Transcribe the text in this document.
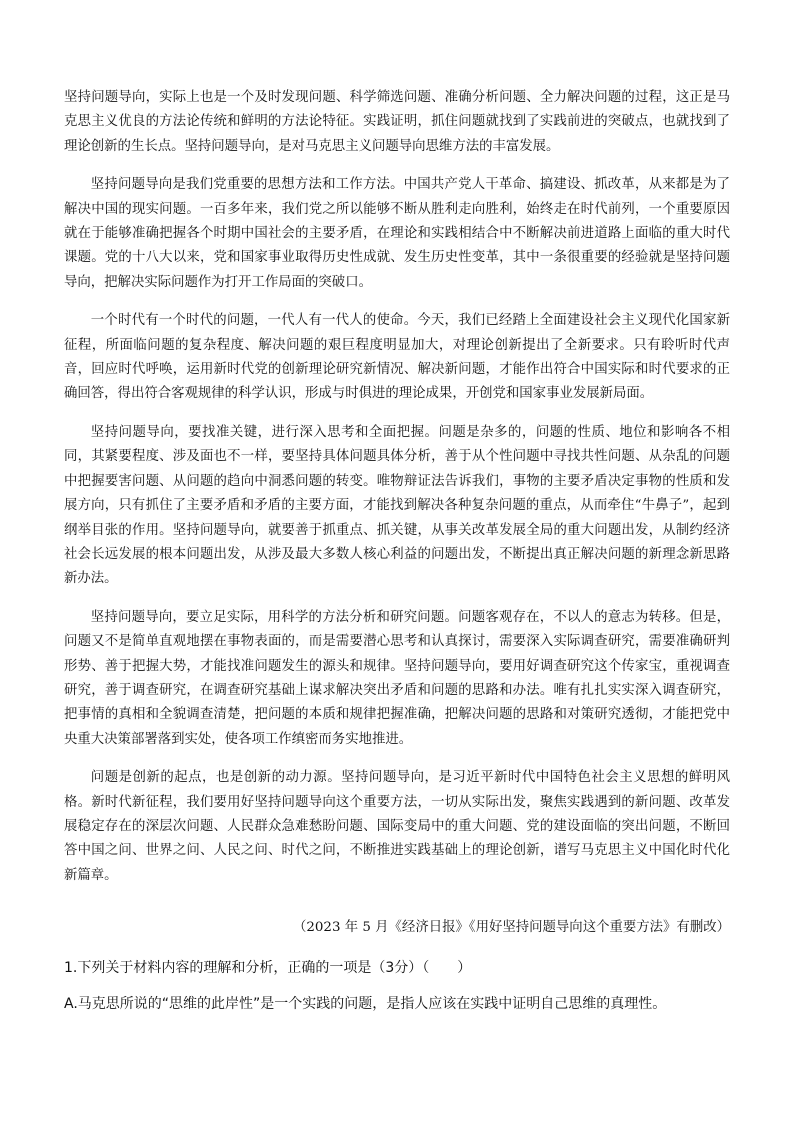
坚持问题导向，实际上也是一个及时发现问题、科学筛选问题、准确分析问题、全力解决问题的过程，这正是马克思主义优良的方法论传统和鲜明的方法论特征。实践证明，抓住问题就找到了实践前进的突破点，也就找到了理论创新的生长点。坚持问题导向，是对马克思主义问题导向思维方法的丰富发展。

坚持问题导向是我们党重要的思想方法和工作方法。中国共产党人干革命、搞建设、抓改革，从来都是为了解决中国的现实问题。一百多年来，我们党之所以能够不断从胜利走向胜利，始终走在时代前列，一个重要原因就在于能够准确把握各个时期中国社会的主要矛盾，在理论和实践相结合中不断解决前进道路上面临的重大时代课题。党的十八大以来，党和国家事业取得历史性成就、发生历史性变革，其中一条很重要的经验就是坚持问题导向，把解决实际问题作为打开工作局面的突破口。

一个时代有一个时代的问题，一代人有一代人的使命。今天，我们已经踏上全面建设社会主义现代化国家新征程，所面临问题的复杂程度、解决问题的艰巨程度明显加大，对理论创新提出了全新要求。只有聆听时代声音，回应时代呼唤，运用新时代党的创新理论研究新情况、解决新问题，才能作出符合中国实际和时代要求的正确回答，得出符合客观规律的科学认识，形成与时俱进的理论成果，开创党和国家事业发展新局面。

坚持问题导向，要找准关键，进行深入思考和全面把握。问题是杂多的，问题的性质、地位和影响各不相同，其紧要程度、涉及面也不一样，要坚持具体问题具体分析，善于从个性问题中寻找共性问题、从杂乱的问题中把握要害问题、从问题的趋向中洞悉问题的转变。唯物辩证法告诉我们，事物的主要矛盾决定事物的性质和发展方向，只有抓住了主要矛盾和矛盾的主要方面，才能找到解决各种复杂问题的重点，从而牵住“牛鼻子”，起到纲举目张的作用。坚持问题导向，就要善于抓重点、抓关键，从事关改革发展全局的重大问题出发，从制约经济社会长远发展的根本问题出发，从涉及最大多数人核心利益的问题出发，不断提出真正解决问题的新理念新思路新办法。

坚持问题导向，要立足实际，用科学的方法分析和研究问题。问题客观存在，不以人的意志为转移。但是，问题又不是简单直观地摆在事物表面的，而是需要潜心思考和认真探讨，需要深入实际调查研究，需要准确研判形势、善于把握大势，才能找准问题发生的源头和规律。坚持问题导向，要用好调查研究这个传家宝，重视调查研究，善于调查研究，在调查研究基础上谋求解决突出矛盾和问题的思路和办法。唯有扎扎实实深入调查研究，把事情的真相和全貌调查清楚，把问题的本质和规律把握准确，把解决问题的思路和对策研究透彻，才能把党中央重大决策部署落到实处，使各项工作缜密而务实地推进。

问题是创新的起点，也是创新的动力源。坚持问题导向，是习近平新时代中国特色社会主义思想的鲜明风格。新时代新征程，我们要用好坚持问题导向这个重要方法，一切从实际出发，聚焦实践遇到的新问题、改革发展稳定存在的深层次问题、人民群众急难愁盼问题、国际变局中的重大问题、党的建设面临的突出问题，不断回答中国之问、世界之问、人民之问、时代之问，不断推进实践基础上的理论创新，谱写马克思主义中国化时代化新篇章。

（2023 年 5 月《经济日报》《用好坚持问题导向这个重要方法》有删改）
1.下列关于材料内容的理解和分析，正确的一项是（3分）（　　）
A.马克思所说的“思维的此岸性”是一个实践的问题，是指人应该在实践中证明自己思维的真理性。
